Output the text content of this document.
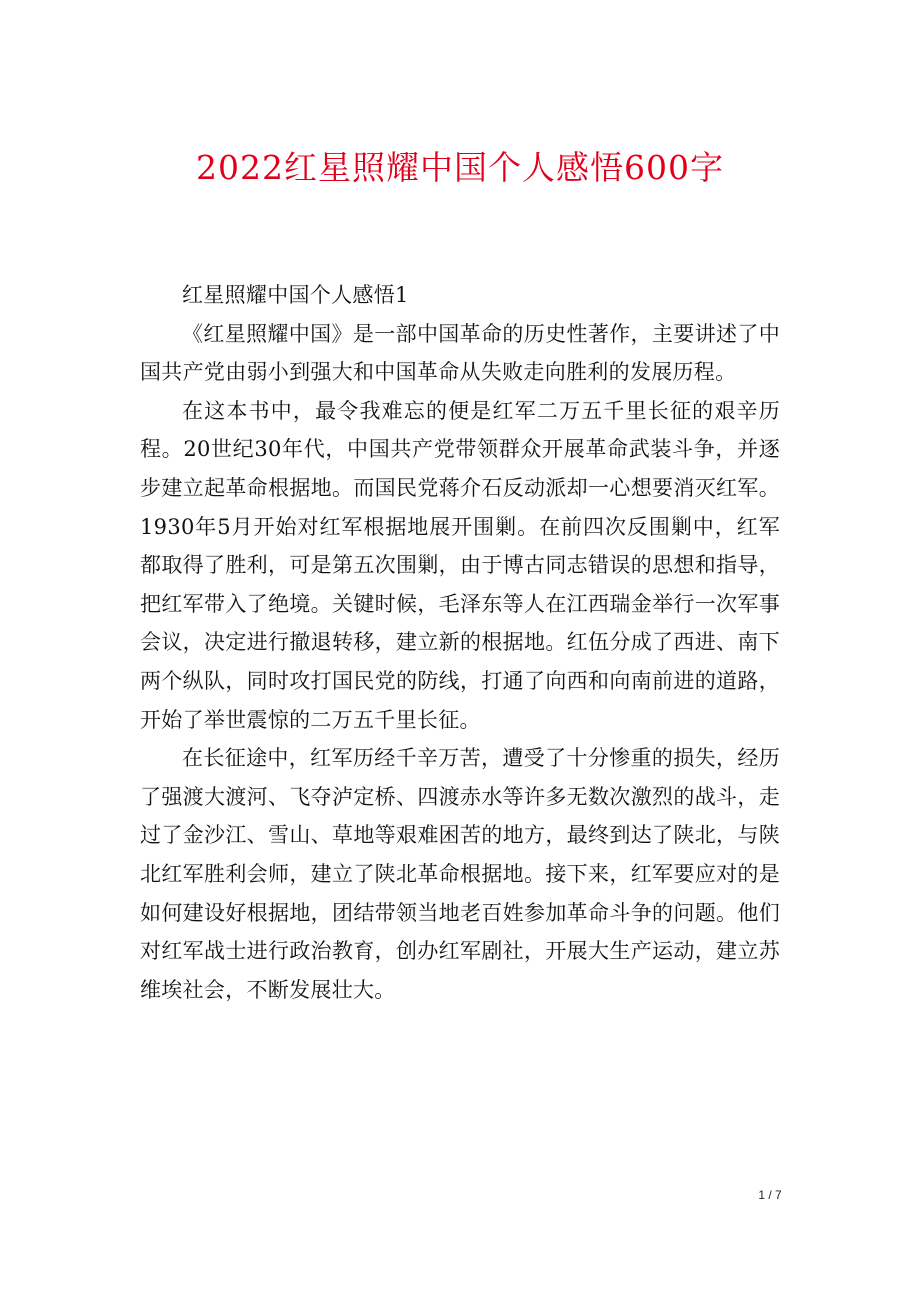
2022红星照耀中国个人感悟600字

红星照耀中国个人感悟1

《红星照耀中国》是一部中国革命的历史性著作，主要讲述了中国共产党由弱小到强大和中国革命从失败走向胜利的发展历程。

在这本书中，最令我难忘的便是红军二万五千里长征的艰辛历程。20世纪30年代，中国共产党带领群众开展革命武装斗争，并逐步建立起革命根据地。而国民党蒋介石反动派却一心想要消灭红军。1930年5月开始对红军根据地展开围剿。在前四次反围剿中，红军都取得了胜利，可是第五次围剿，由于博古同志错误的思想和指导，把红军带入了绝境。关键时候，毛泽东等人在江西瑞金举行一次军事会议，决定进行撤退转移，建立新的根据地。红伍分成了西进、南下两个纵队，同时攻打国民党的防线，打通了向西和向南前进的道路，开始了举世震惊的二万五千里长征。

在长征途中，红军历经千辛万苦，遭受了十分惨重的损失，经历了强渡大渡河、飞夺泸定桥、四渡赤水等许多无数次激烈的战斗，走过了金沙江、雪山、草地等艰难困苦的地方，最终到达了陕北，与陕北红军胜利会师，建立了陕北革命根据地。接下来，红军要应对的是如何建设好根据地，团结带领当地老百姓参加革命斗争的问题。他们对红军战士进行政治教育，创办红军剧社，开展大生产运动，建立苏维埃社会，不断发展壮大。

1 / 7
